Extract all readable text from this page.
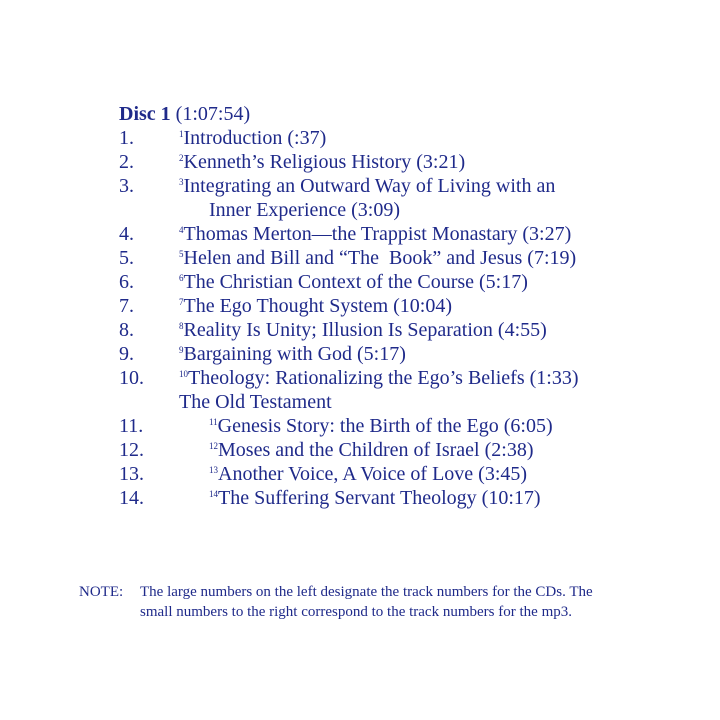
Disc 1 (1:07:54)
1.	$^1$Introduction (:37)
2.	$^2$Kenneth’s Religious History (3:21)
3.	$^3$Integrating an Outward Way of Living with an
Inner Experience (3:09)
4.	$^4$Thomas Merton—the Trappist Monastary (3:27)
5.	$^5$Helen and Bill and “The  Book” and Jesus (7:19)
6.	$^6$The Christian Context of the Course (5:17)
7.	$^7$The Ego Thought System (10:04)
8.	$^8$Reality Is Unity; Illusion Is Separation (4:55)
9.	$^9$Bargaining with God (5:17)
10.	$^{10}$Theology: Rationalizing the Ego’s Beliefs (1:33)
The Old Testament
11.	$^{11}$Genesis Story: the Birth of the Ego (6:05)
12.	$^{12}$Moses and the Children of Israel (2:38)
13.	$^{13}$Another Voice, A Voice of Love (3:45)
14.	$^{14}$The Suffering Servant Theology (10:17)
NOTE: The large numbers on the left designate the track numbers for the CDs. The
small numbers to the right correspond to the track numbers for the mp3.
